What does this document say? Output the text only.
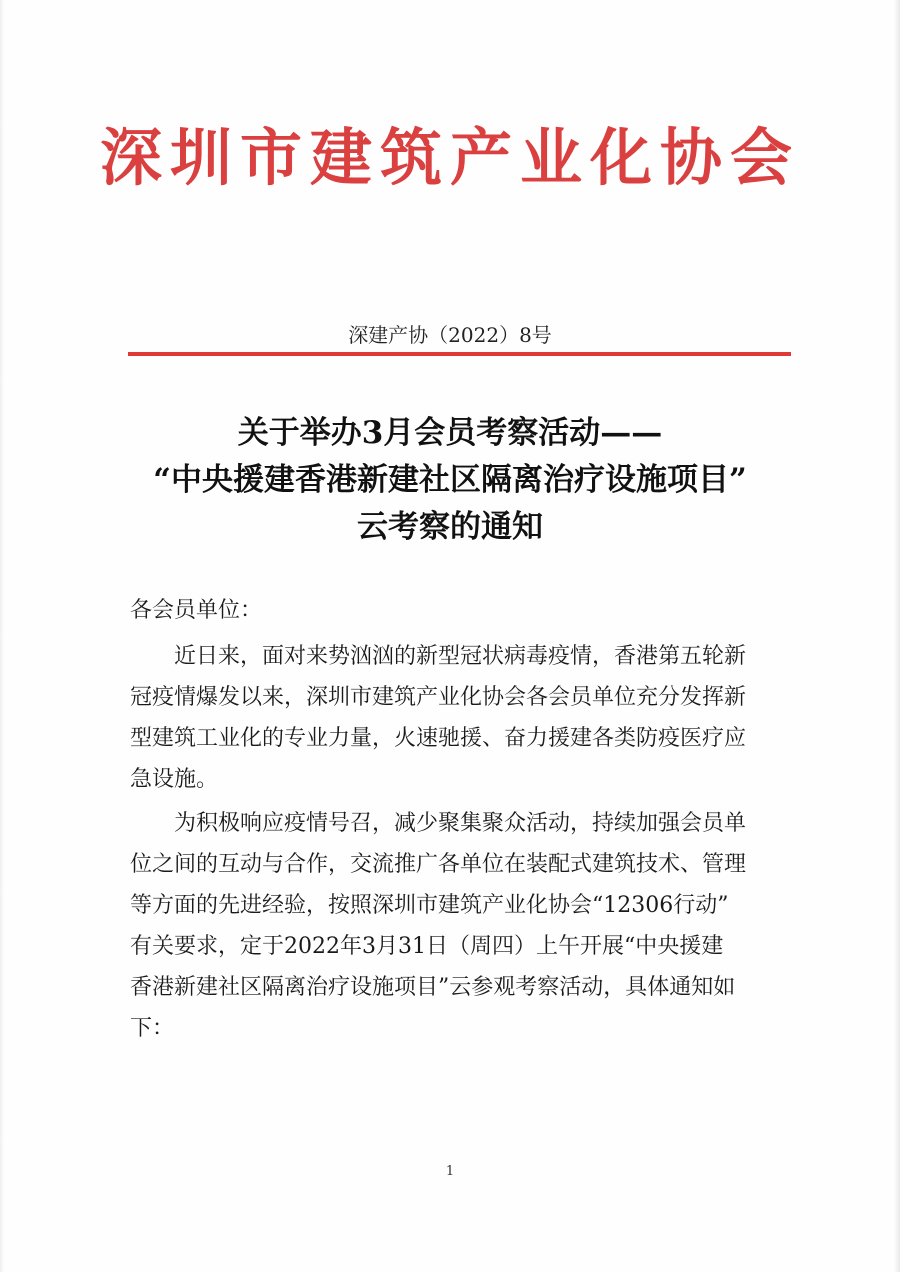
深圳市建筑产业化协会
深建产协（2022）8号
关于举办3月会员考察活动——
“中央援建香港新建社区隔离治疗设施项目”
云考察的通知
各会员单位：
近日来，面对来势汹汹的新型冠状病毒疫情，香港第五轮新
冠疫情爆发以来，深圳市建筑产业化协会各会员单位充分发挥新
型建筑工业化的专业力量，火速驰援、奋力援建各类防疫医疗应
急设施。
为积极响应疫情号召，减少聚集聚众活动，持续加强会员单
位之间的互动与合作，交流推广各单位在装配式建筑技术、管理
等方面的先进经验，按照深圳市建筑产业化协会“12306行动”
有关要求，定于2022年3月31日（周四）上午开展“中央援建
香港新建社区隔离治疗设施项目”云参观考察活动，具体通知如
下：
1
